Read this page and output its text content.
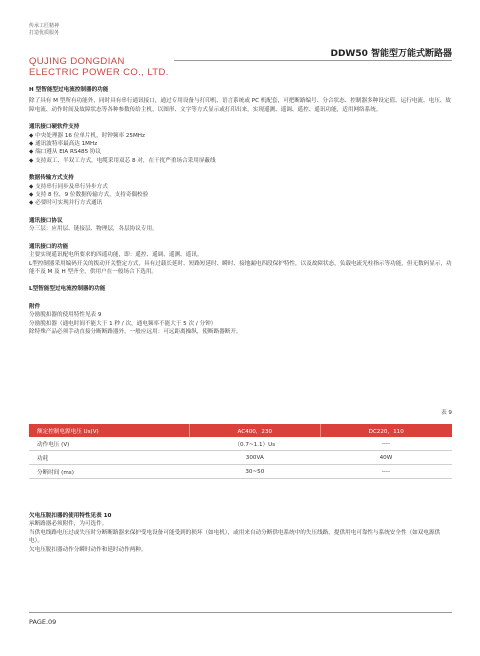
传承工匠精神
打造优质服务
QUJING DONGDIAN
ELECTRIC POWER CO., LTD.
DDW50 智能型万能式断路器

H 型智能型过电流控制器的功能

除了具有 M 型所有功能外，同时具有串行通讯接口，通过专用设备与打印机、语言系统或 PC 机配套，可把断路编号、分合状态、控制器多种设定值、运行电流、电压、故障电流、动作时间及故障状态等各种参数传给主机，以图形、文字等方式显示或打印出来，实现遥测、遥调、遥控、遥讯功能，适用网络系统。

通讯接口硬软件支持

◆ 中央处理器 16 位单片机，时钟频率 25MHz

◆ 通讯波特率最高达 1MHz

◆ 端口遵从 EIA RS485 协议

◆ 支持双工、半双工方式，电缆采用双芯 8 对，在干扰严重场合采用屏蔽线

数据传输方式支持

◆ 支持串行同步及串行异步方式

◆ 支持 8 位，9 位数据传输方式，支持奇偶校验

◆ 必要时可实现并行方式通讯

通讯接口协议

分三层：应用层、链接层、物理层，各层协议专用。

通讯接口的功能

主要实现遥讯配电所要求的四遥功能，即：遥控、遥调、遥测、遥讯。

L型控制器采用编码开关的拨动开关整定方式，具有过载长延时、短路短延时、瞬时、接地漏电四段保护特性，以及故障状态，负载电流光柱指示等功能，但无数码显示，功能不及 M 及 H 型齐全，供用户在一般场合下选用。

L型智能型过电流控制器的功能

附件

分励脱扣器的使用特性见表 9

分励脱扣器（通电时间不能大于 1 秒 / 次，通电频率不能大于 5 次 / 分钟）

除特殊产品必须手动直接分断断路器外，一般应远用：可远距离操纵，使断路器断开。

表 9
额定控制电源电压 Us(V)	AC400，230	DC220，110
动作电压 (V)	（0.7~1.1）Us	----
功耗	300VA	40W
分断时间 (ms)	30~50	----

欠电压脱扣器的使用特性见表 10

承断路器必须附件，为可选件。

当供电线路电压过或失压时分断断路器来保护受电设备可能受到的损坏（如电机），或用来自动分断供电系统中的失压线路，提供用电可靠性与系统安全性（如双电源供电）。

欠电压脱扣器动作分瞬时动作和延时动作两种。

PAGE.09
